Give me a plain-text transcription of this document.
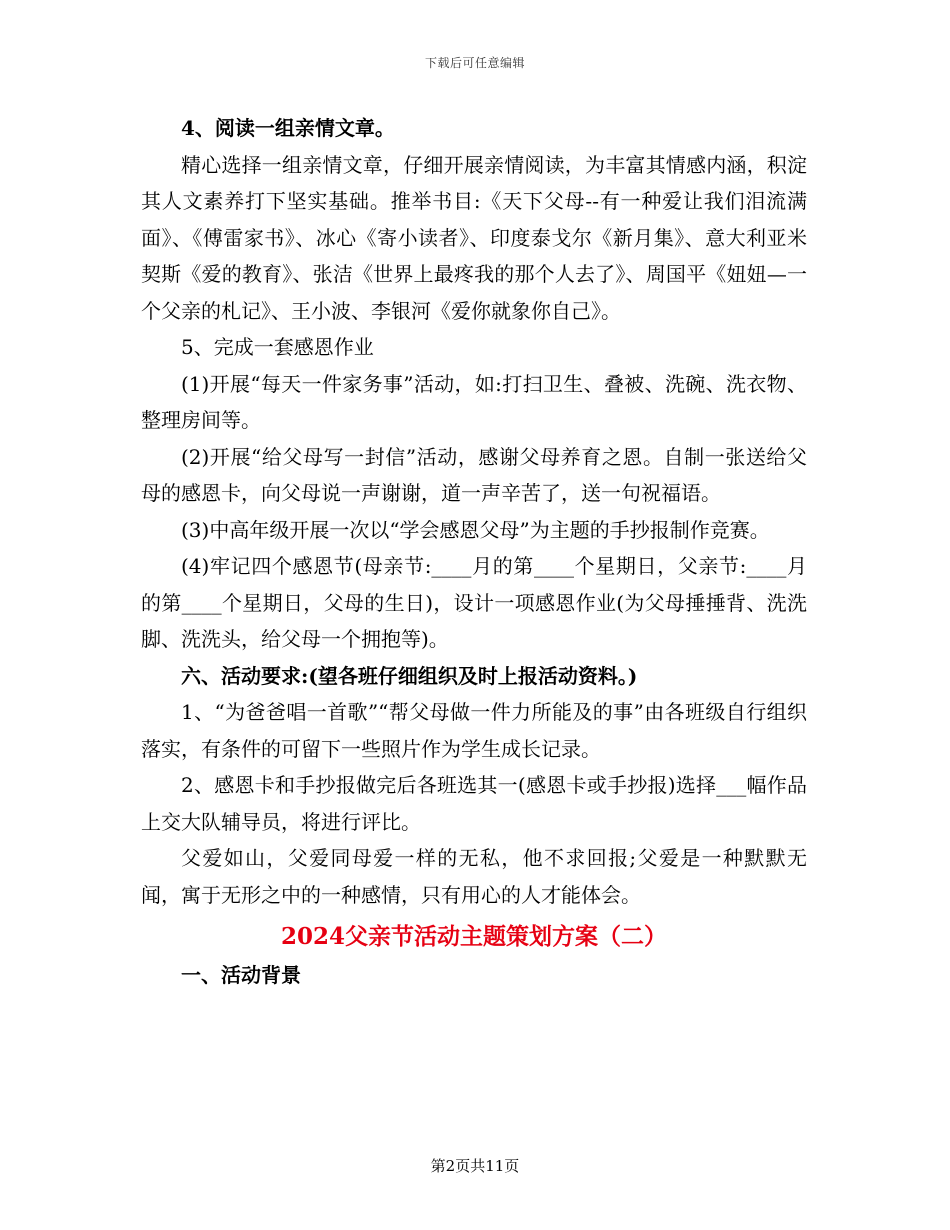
下载后可任意编辑

4、阅读一组亲情文章。

精心选择一组亲情文章，仔细开展亲情阅读，为丰富其情感内涵，积淀其人文素养打下坚实基础。推举书目:《天下父母--有一种爱让我们泪流满面》、《傅雷家书》、冰心《寄小读者》、印度泰戈尔《新月集》、意大利亚米契斯《爱的教育》、张洁《世界上最疼我的那个人去了》、周国平《妞妞—一个父亲的札记》、王小波、李银河《爱你就象你自己》。

5、完成一套感恩作业

(1)开展“每天一件家务事”活动，如:打扫卫生、叠被、洗碗、洗衣物、整理房间等。

(2)开展“给父母写一封信”活动，感谢父母养育之恩。自制一张送给父母的感恩卡，向父母说一声谢谢，道一声辛苦了，送一句祝福语。

(3)中高年级开展一次以“学会感恩父母”为主题的手抄报制作竞赛。

(4)牢记四个感恩节(母亲节:____月的第____个星期日，父亲节:____月的第____个星期日，父母的生日)，设计一项感恩作业(为父母捶捶背、洗洗脚、洗洗头，给父母一个拥抱等)。

六、活动要求:(望各班仔细组织及时上报活动资料。)

1、“为爸爸唱一首歌”“帮父母做一件力所能及的事”由各班级自行组织落实，有条件的可留下一些照片作为学生成长记录。

2、感恩卡和手抄报做完后各班选其一(感恩卡或手抄报)选择___幅作品上交大队辅导员，将进行评比。

父爱如山，父爱同母爱一样的无私，他不求回报;父爱是一种默默无闻，寓于无形之中的一种感情，只有用心的人才能体会。

2024父亲节活动主题策划方案（二）

一、活动背景

第2页共11页
